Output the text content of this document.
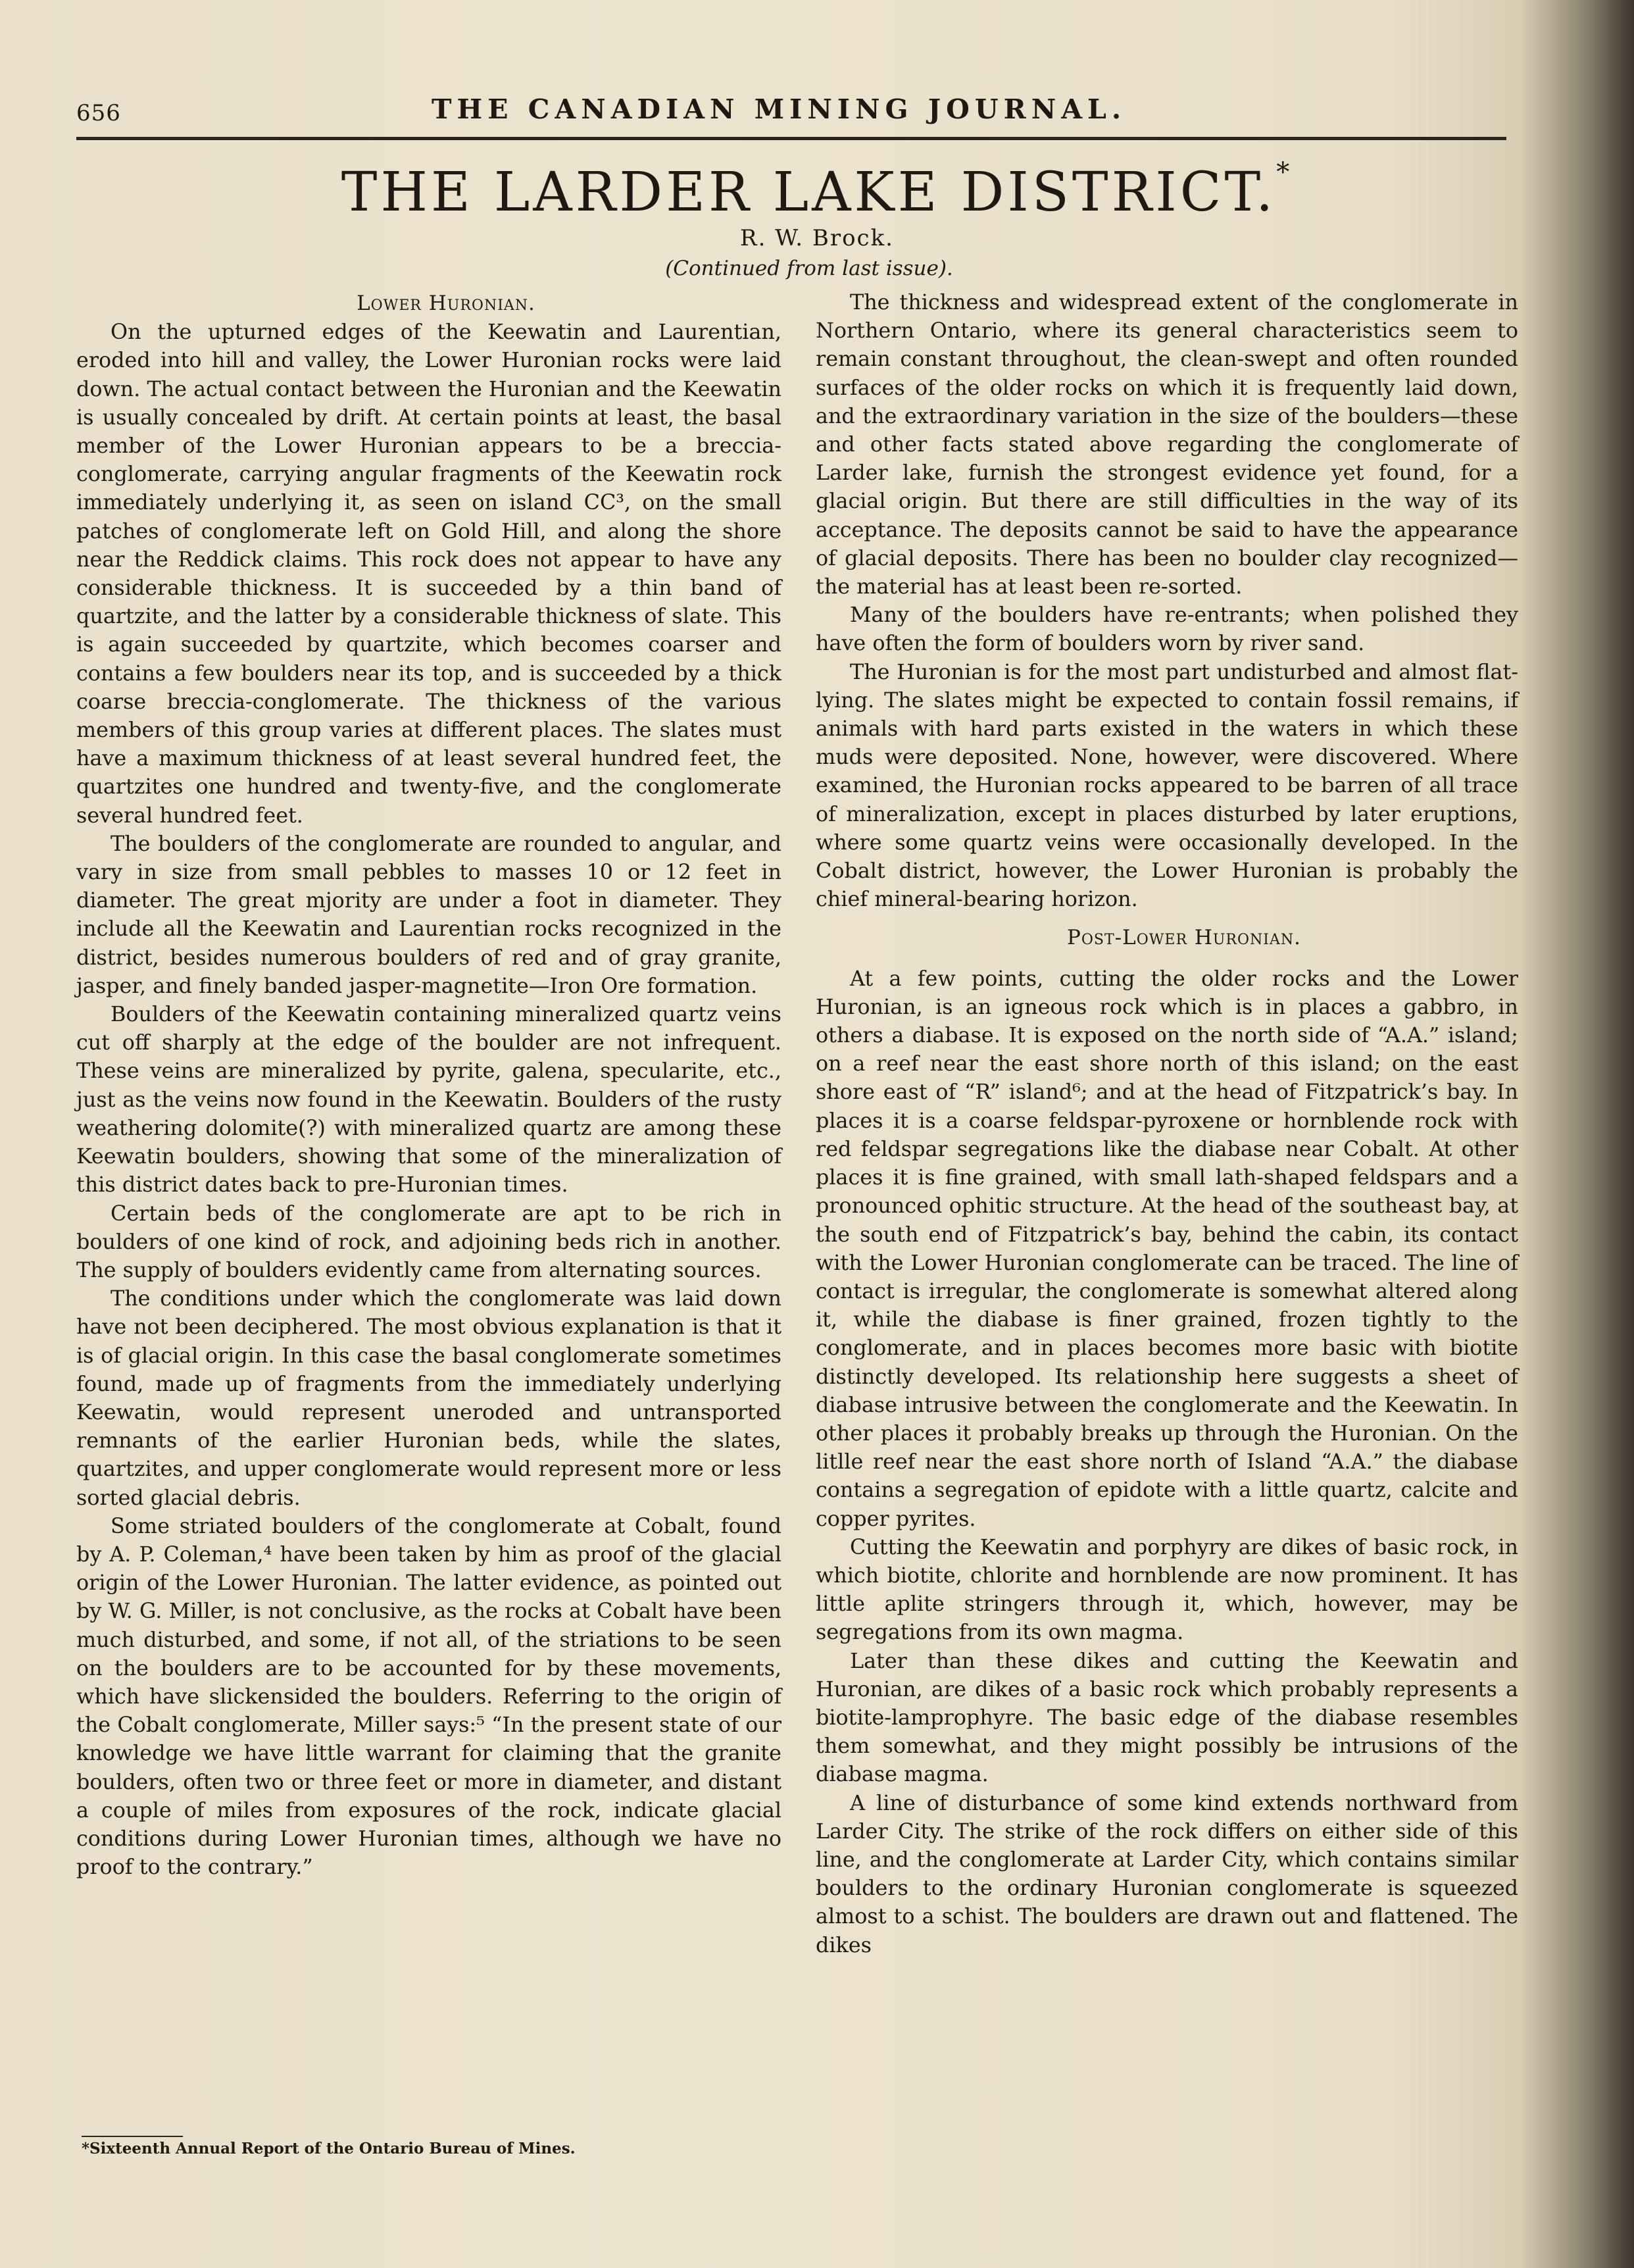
656	THE CANADIAN MINING JOURNAL.
THE LARDER LAKE DISTRICT.*
R. W. Brock.
(Continued from last issue).

Lower Huronian.

On the upturned edges of the Keewatin and Laurentian, eroded into hill and valley, the Lower Huronian rocks were laid down. The actual contact between the Huronian and the Keewatin is usually concealed by drift. At certain points at least, the basal member of the Lower Huronian appears to be a breccia-conglomerate, carrying angular fragments of the Keewatin rock immediately underlying it, as seen on island CC³, on the small patches of conglomerate left on Gold Hill, and along the shore near the Reddick claims. This rock does not appear to have any considerable thickness. It is succeeded by a thin band of quartzite, and the latter by a considerable thickness of slate. This is again succeeded by quartzite, which becomes coarser and contains a few boulders near its top, and is succeeded by a thick coarse breccia-conglomerate. The thickness of the various members of this group varies at different places. The slates must have a maximum thickness of at least several hundred feet, the quartzites one hundred and twenty-five, and the conglomerate several hundred feet.

The boulders of the conglomerate are rounded to angular, and vary in size from small pebbles to masses 10 or 12 feet in diameter. The great mjority are under a foot in diameter. They include all the Keewatin and Laurentian rocks recognized in the district, besides numerous boulders of red and of gray granite, jasper, and finely banded jasper-magnetite—Iron Ore formation.

Boulders of the Keewatin containing mineralized quartz veins cut off sharply at the edge of the boulder are not infrequent. These veins are mineralized by pyrite, galena, specularite, etc., just as the veins now found in the Keewatin. Boulders of the rusty weathering dolomite(?) with mineralized quartz are among these Keewatin boulders, showing that some of the mineralization of this district dates back to pre-Huronian times.

Certain beds of the conglomerate are apt to be rich in boulders of one kind of rock, and adjoining beds rich in another. The supply of boulders evidently came from alternating sources.

The conditions under which the conglomerate was laid down have not been deciphered. The most obvious explanation is that it is of glacial origin. In this case the basal conglomerate sometimes found, made up of fragments from the immediately underlying Keewatin, would represent uneroded and untransported remnants of the earlier Huronian beds, while the slates, quartzites, and upper conglomerate would represent more or less sorted glacial debris.

Some striated boulders of the conglomerate at Cobalt, found by A. P. Coleman,⁴ have been taken by him as proof of the glacial origin of the Lower Huronian. The latter evidence, as pointed out by W. G. Miller, is not conclusive, as the rocks at Cobalt have been much disturbed, and some, if not all, of the striations to be seen on the boulders are to be accounted for by these movements, which have slickensided the boulders. Referring to the origin of the Cobalt conglomerate, Miller says:⁵ “In the present state of our knowledge we have little warrant for claiming that the granite boulders, often two or three feet or more in diameter, and distant a couple of miles from exposures of the rock, indicate glacial conditions during Lower Huronian times, although we have no proof to the contrary.”

The thickness and widespread extent of the conglomerate in Northern Ontario, where its general characteristics seem to remain constant throughout, the clean-swept and often rounded surfaces of the older rocks on which it is frequently laid down, and the extraordinary variation in the size of the boulders—these and other facts stated above regarding the conglomerate of Larder lake, furnish the strongest evidence yet found, for a glacial origin. But there are still difficulties in the way of its acceptance. The deposits cannot be said to have the appearance of glacial deposits. There has been no boulder clay recognized—the material has at least been re-sorted.

Many of the boulders have re-entrants; when polished they have often the form of boulders worn by river sand.

The Huronian is for the most part undisturbed and almost flat-lying. The slates might be expected to contain fossil remains, if animals with hard parts existed in the waters in which these muds were deposited. None, however, were discovered. Where examined, the Huronian rocks appeared to be barren of all trace of mineralization, except in places disturbed by later eruptions, where some quartz veins were occasionally developed. In the Cobalt district, however, the Lower Huronian is probably the chief mineral-bearing horizon.

Post-Lower Huronian.

At a few points, cutting the older rocks and the Lower Huronian, is an igneous rock which is in places a gabbro, in others a diabase. It is exposed on the north side of “A.A.” island; on a reef near the east shore north of this island; on the east shore east of “R” island⁶; and at the head of Fitzpatrick’s bay. In places it is a coarse feldspar-pyroxene or hornblende rock with red feldspar segregations like the diabase near Cobalt. At other places it is fine grained, with small lath-shaped feldspars and a pronounced ophitic structure. At the head of the southeast bay, at the south end of Fitzpatrick’s bay, behind the cabin, its contact with the Lower Huronian conglomerate can be traced. The line of contact is irregular, the conglomerate is somewhat altered along it, while the diabase is finer grained, frozen tightly to the conglomerate, and in places becomes more basic with biotite distinctly developed. Its relationship here suggests a sheet of diabase intrusive between the conglomerate and the Keewatin. In other places it probably breaks up through the Huronian. On the litlle reef near the east shore north of Island “A.A.” the diabase contains a segregation of epidote with a little quartz, calcite and copper pyrites.

Cutting the Keewatin and porphyry are dikes of basic rock, in which biotite, chlorite and hornblende are now prominent. It has little aplite stringers through it, which, however, may be segregations from its own magma.

Later than these dikes and cutting the Keewatin and Huronian, are dikes of a basic rock which probably represents a biotite-lamprophyre. The basic edge of the diabase resembles them somewhat, and they might possibly be intrusions of the diabase magma.

A line of disturbance of some kind extends northward from Larder City. The strike of the rock differs on either side of this line, and the conglomerate at Larder City, which contains similar boulders to the ordinary Huronian conglomerate is squeezed almost to a schist. The boulders are drawn out and flattened. The dikes

*Sixteenth Annual Report of the Ontario Bureau of Mines.
